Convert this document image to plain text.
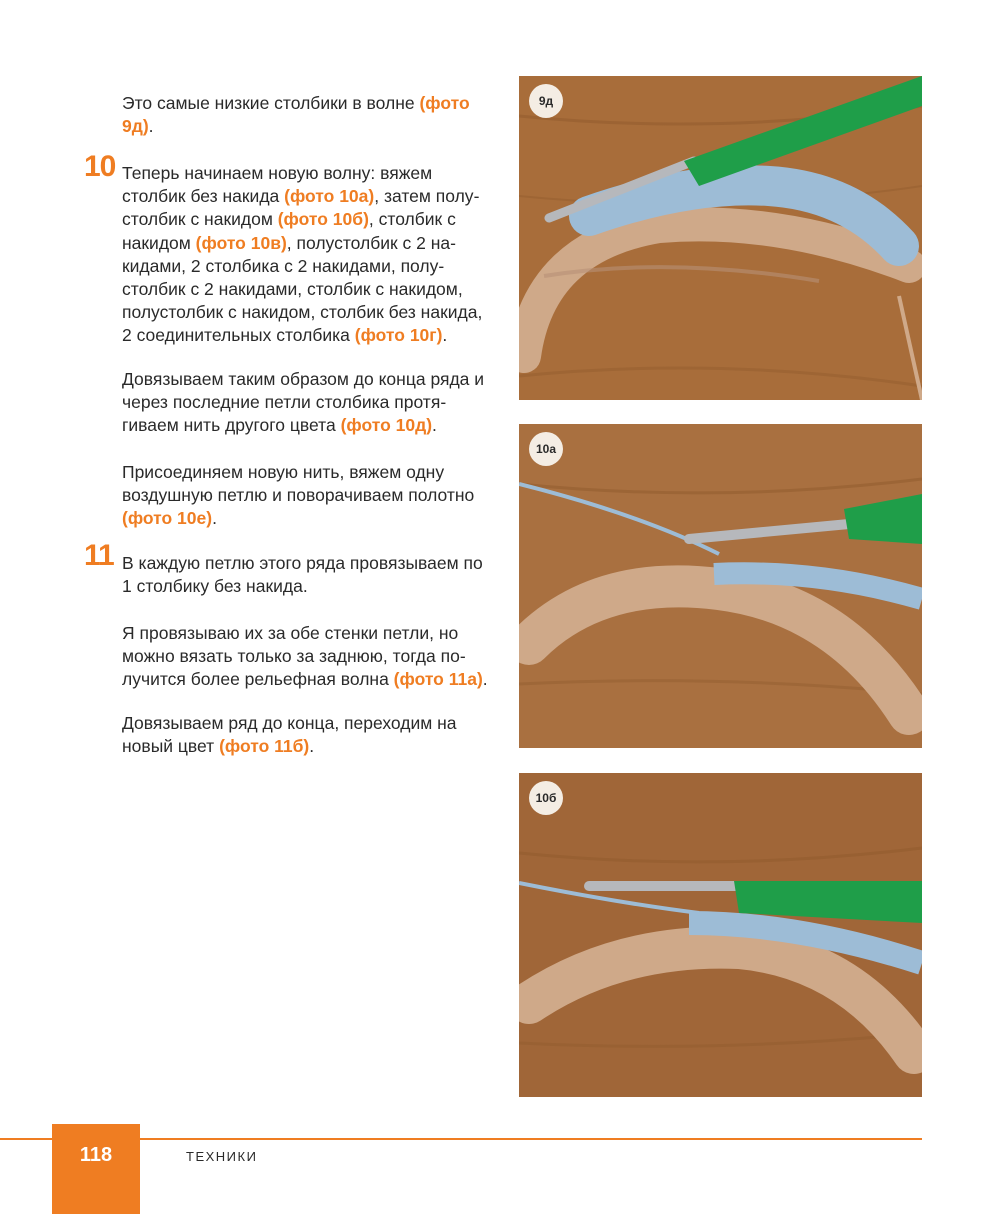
Это самые низкие столбики в волне (фото 9д).
10 Теперь начинаем новую волну: вяжем столбик без накида (фото 10а), затем полустолбик с накидом (фото 10б), столбик с накидом (фото 10в), полустолбик с 2 накидами, 2 столбика с 2 накидами, полустолбик с 2 накидами, столбик с накидом, полустолбик с накидом, столбик без накида, 2 соединительных столбика (фото 10г).
Довязываем таким образом до конца ряда и через последние петли столбика протягиваем нить другого цвета (фото 10д).
Присоединяем новую нить, вяжем одну воздушную петлю и поворачиваем полотно (фото 10е).
11 В каждую петлю этого ряда провязываем по 1 столбику без накида.
Я провязываю их за обе стенки петли, но можно вязать только за заднюю, тогда получится более рельефная волна (фото 11а).
Довязываем ряд до конца, переходим на новый цвет (фото 11б).
9д
10а
10б
118	ТЕХНИКИ
